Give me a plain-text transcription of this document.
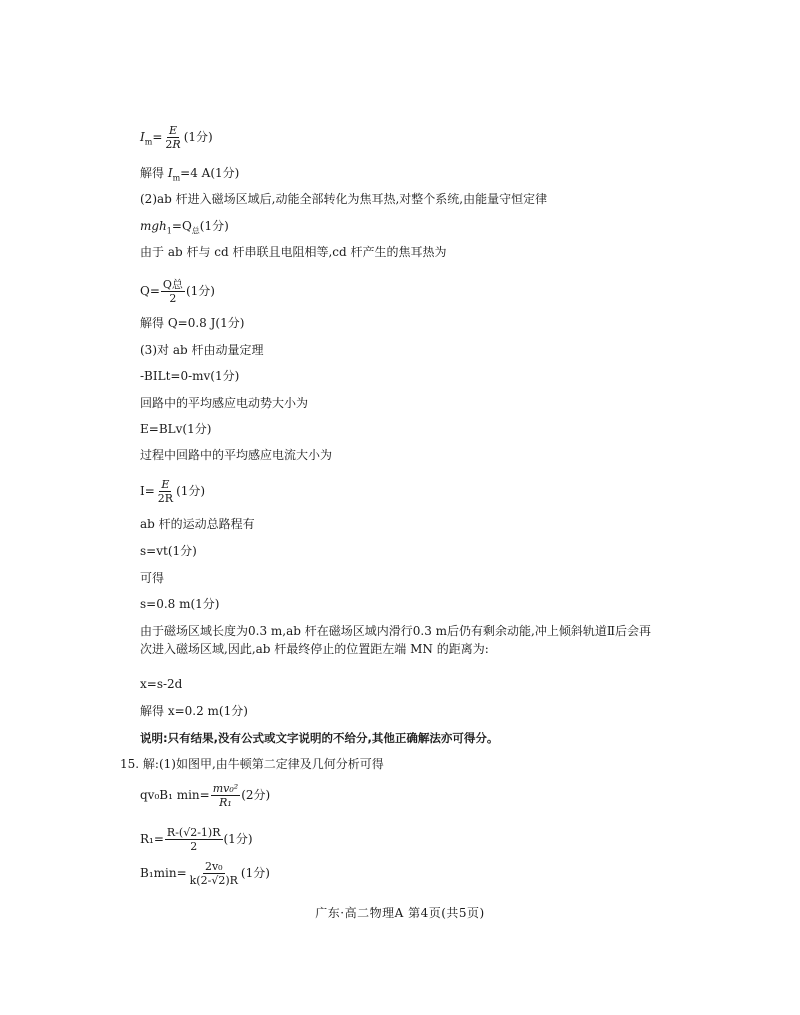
$I_m= \frac{E}{2R} (1$分)
解得 $I_m=4$ A(1分)
(2)ab 杆进入磁场区域后,动能全部转化为焦耳热,对整个系统,由能量守恒定律
$mgh_1=Q_总(1$分)
由于 ab 杆与 cd 杆串联且电阻相等,cd 杆产生的焦耳热为
$Q= \frac{\text{Q总}}{2} (1$分)
解得 Q=0.8 J(1分)
(3)对 ab 杆由动量定理
-BILt=0-mv(1分)
回路中的平均感应电动势大小为
E=BLv(1分)
过程中回路中的平均感应电流大小为
$I= \frac{E}{2R} (1$分)
ab 杆的运动总路程有
s=vt(1分)
可得
s=0.8 m(1分)
由于磁场区域长度为0.3 m,ab 杆在磁场区域内滑行0.3 m后仍有剩余动能,冲上倾斜轨道Ⅱ后会再次进入磁场区域,因此,ab 杆最终停止的位置距左端 MN 的距离为:
x=s-2d
解得 x=0.2 m(1分)
说明:只有结果,没有公式或文字说明的不给分,其他正确解法亦可得分。
15. 解:(1)如图甲,由牛顿第二定律及几何分析可得
qv₀B₁ $\min= \frac{\text{mv₀²}}{\text{R₁}} (2$分)
$R_1= \frac{R-(√2-1)R}{2} (1$分)
$B_1\min= \frac{\text{2v₀}}{k(2-√2)R} (1$分)
广东·高二物理A 第4页(共5页)
